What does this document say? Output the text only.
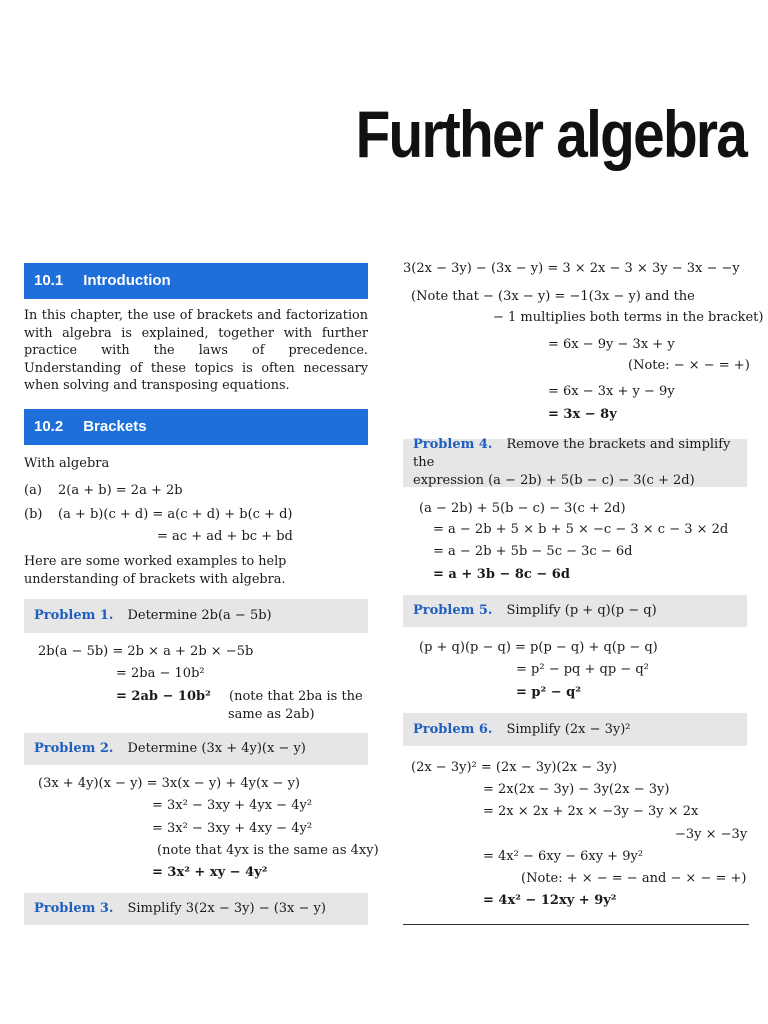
Further algebra
10.1 Introduction
In this chapter, the use of brackets and factorization with algebra is explained, together with further practice with the laws of precedence. Understanding of these topics is often necessary when solving and transposing equations.
10.2 Brackets
With algebra
(a) 2(a + b) = 2a + 2b
(b) (a + b)(c + d) = a(c + d) + b(c + d)
= ac + ad + bc + bd
Here are some worked examples to help understanding of brackets with algebra.
Problem 1. Determine 2b(a − 5b)
2b(a − 5b) = 2b × a + 2b × −5b
= 2ba − 10b²
= 2ab − 10b² (note that 2ba is the
same as 2ab)
Problem 2. Determine (3x + 4y)(x − y)
(3x + 4y)(x − y) = 3x(x − y) + 4y(x − y)
= 3x² − 3xy + 4yx − 4y²
= 3x² − 3xy + 4xy − 4y²
(note that 4yx is the same as 4xy)
= 3x² + xy − 4y²
Problem 3. Simplify 3(2x − 3y) − (3x − y)
3(2x − 3y) − (3x − y) = 3 × 2x − 3 × 3y − 3x − −y
(Note that − (3x − y) = −1(3x − y) and the
− 1 multiplies both terms in the bracket)
= 6x − 9y − 3x + y
(Note: − × − = +)
= 6x − 3x + y − 9y
= 3x − 8y
Problem 4. Remove the brackets and simplify the
expression (a − 2b) + 5(b − c) − 3(c + 2d)
(a − 2b) + 5(b − c) − 3(c + 2d)
= a − 2b + 5 × b + 5 × −c − 3 × c − 3 × 2d
= a − 2b + 5b − 5c − 3c − 6d
= a + 3b − 8c − 6d
Problem 5. Simplify (p + q)(p − q)
(p + q)(p − q) = p(p − q) + q(p − q)
= p² − pq + qp − q²
= p² − q²
Problem 6. Simplify (2x − 3y)²
(2x − 3y)² = (2x − 3y)(2x − 3y)
= 2x(2x − 3y) − 3y(2x − 3y)
= 2x × 2x + 2x × −3y − 3y × 2x
−3y × −3y
= 4x² − 6xy − 6xy + 9y²
(Note: + × − = − and − × − = +)
= 4x² − 12xy + 9y²
